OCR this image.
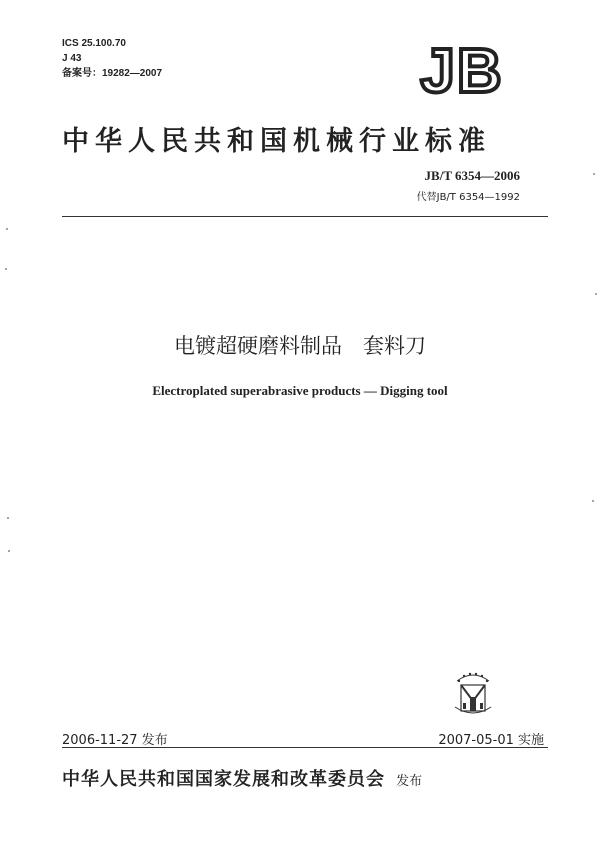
ICS 25.100.70
J 43
备案号：19282—2007	JB
中华人民共和国机械行业标准
JB/T 6354—2006
代替JB/T 6354—1992
电镀超硬磨料制品　套料刀
Electroplated superabrasive products — Digging tool
2006-11-27 发布	2007-05-01 实施
中华人民共和国国家发展和改革委员会 发布
